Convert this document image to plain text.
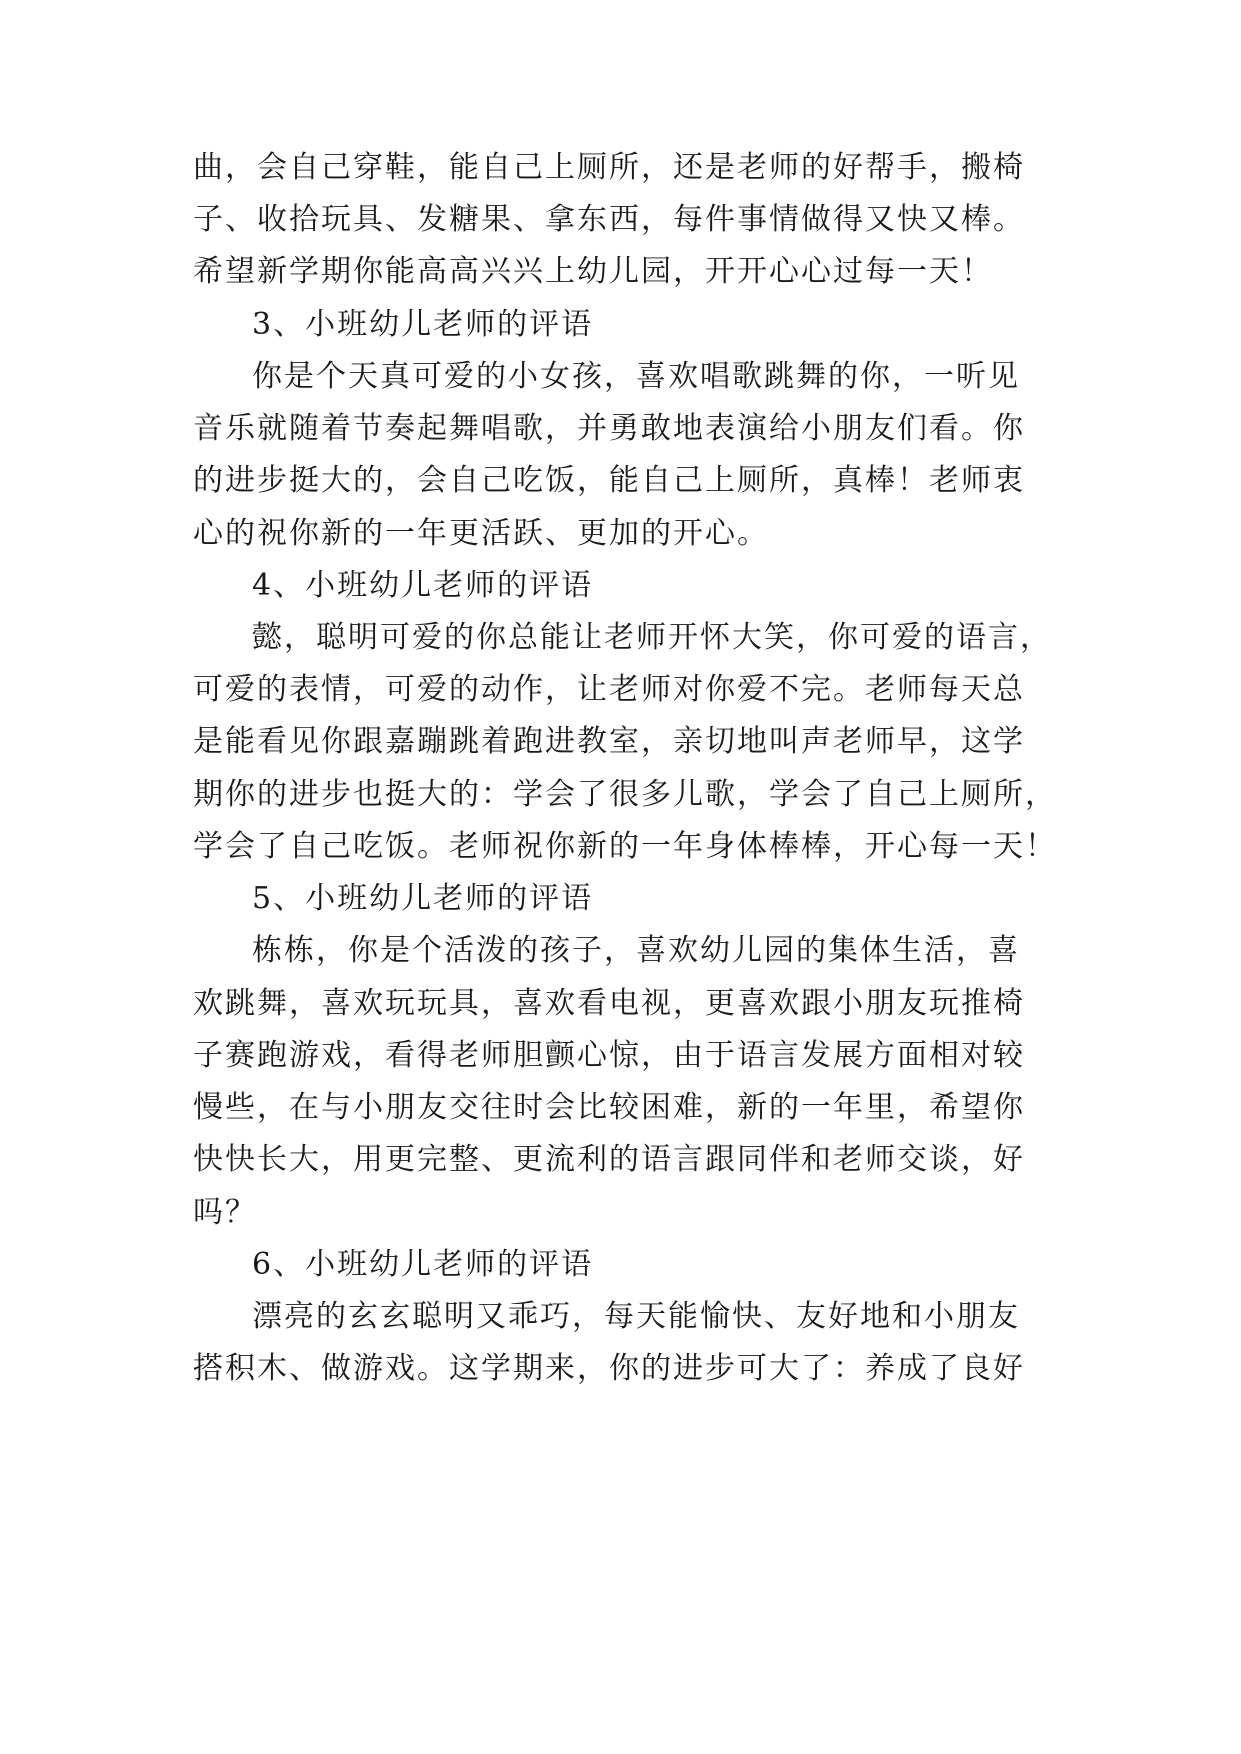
曲，会自己穿鞋，能自己上厕所，还是老师的好帮手，搬椅
子、收拾玩具、发糖果、拿东西，每件事情做得又快又棒。
希望新学期你能高高兴兴上幼儿园，开开心心过每一天！
3、小班幼儿老师的评语
你是个天真可爱的小女孩，喜欢唱歌跳舞的你，一听见
音乐就随着节奏起舞唱歌，并勇敢地表演给小朋友们看。你
的进步挺大的，会自己吃饭，能自己上厕所，真棒！老师衷
心的祝你新的一年更活跃、更加的开心。
4、小班幼儿老师的评语
懿，聪明可爱的你总能让老师开怀大笑，你可爱的语言，
可爱的表情，可爱的动作，让老师对你爱不完。老师每天总
是能看见你跟嘉蹦跳着跑进教室，亲切地叫声老师早，这学
期你的进步也挺大的：学会了很多儿歌，学会了自己上厕所，
学会了自己吃饭。老师祝你新的一年身体棒棒，开心每一天！
5、小班幼儿老师的评语
栋栋，你是个活泼的孩子，喜欢幼儿园的集体生活，喜
欢跳舞，喜欢玩玩具，喜欢看电视，更喜欢跟小朋友玩推椅
子赛跑游戏，看得老师胆颤心惊，由于语言发展方面相对较
慢些，在与小朋友交往时会比较困难，新的一年里，希望你
快快长大，用更完整、更流利的语言跟同伴和老师交谈，好
吗？
6、小班幼儿老师的评语
漂亮的玄玄聪明又乖巧，每天能愉快、友好地和小朋友
搭积木、做游戏。这学期来，你的进步可大了：养成了良好
